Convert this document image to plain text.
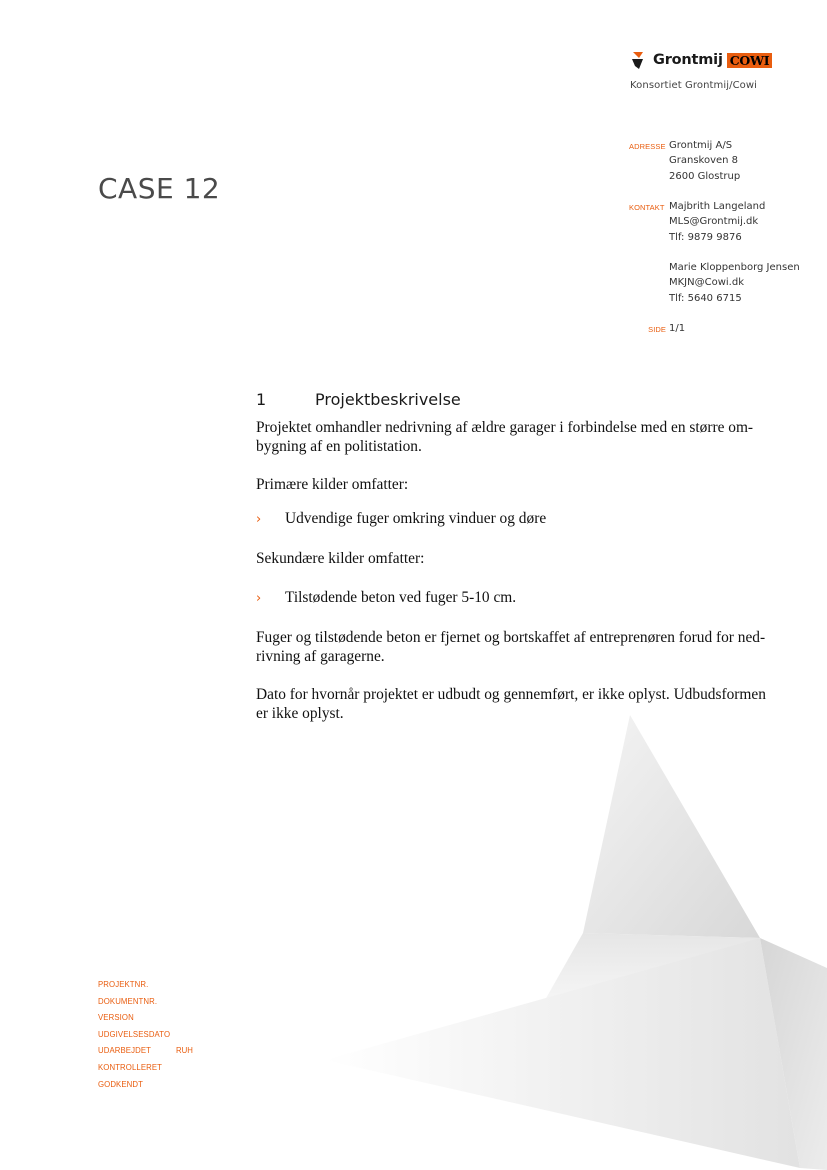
Grontmij COWI
Konsortiet Grontmij/Cowi
ADRESSE Grontmij A/S
Granskoven 8
2600 Glostrup
KONTAKT Majbrith Langeland
MLS@Grontmij.dk
Tlf: 9879 9876
Marie Kloppenborg Jensen
MKJN@Cowi.dk
Tlf: 5640 6715
SIDE 1/1
CASE 12
1	Projektbeskrivelse

Projektet omhandler nedrivning af ældre garager i forbindelse med en større om-bygning af en politistation.

Primære kilder omfatter:

›	Udvendige fuger omkring vinduer og døre

Sekundære kilder omfatter:

›	Tilstødende beton ved fuger 5-10 cm.

Fuger og tilstødende beton er fjernet og bortskaffet af entreprenøren forud for ned-rivning af garagerne.

Dato for hvornår projektet er udbudt og gennemført, er ikke oplyst. Udbudsformen er ikke oplyst.

PROJEKTNR.
DOKUMENTNR.
VERSION
UDGIVELSESDATO
UDARBEJDET	RUH
KONTROLLERET
GODKENDT
